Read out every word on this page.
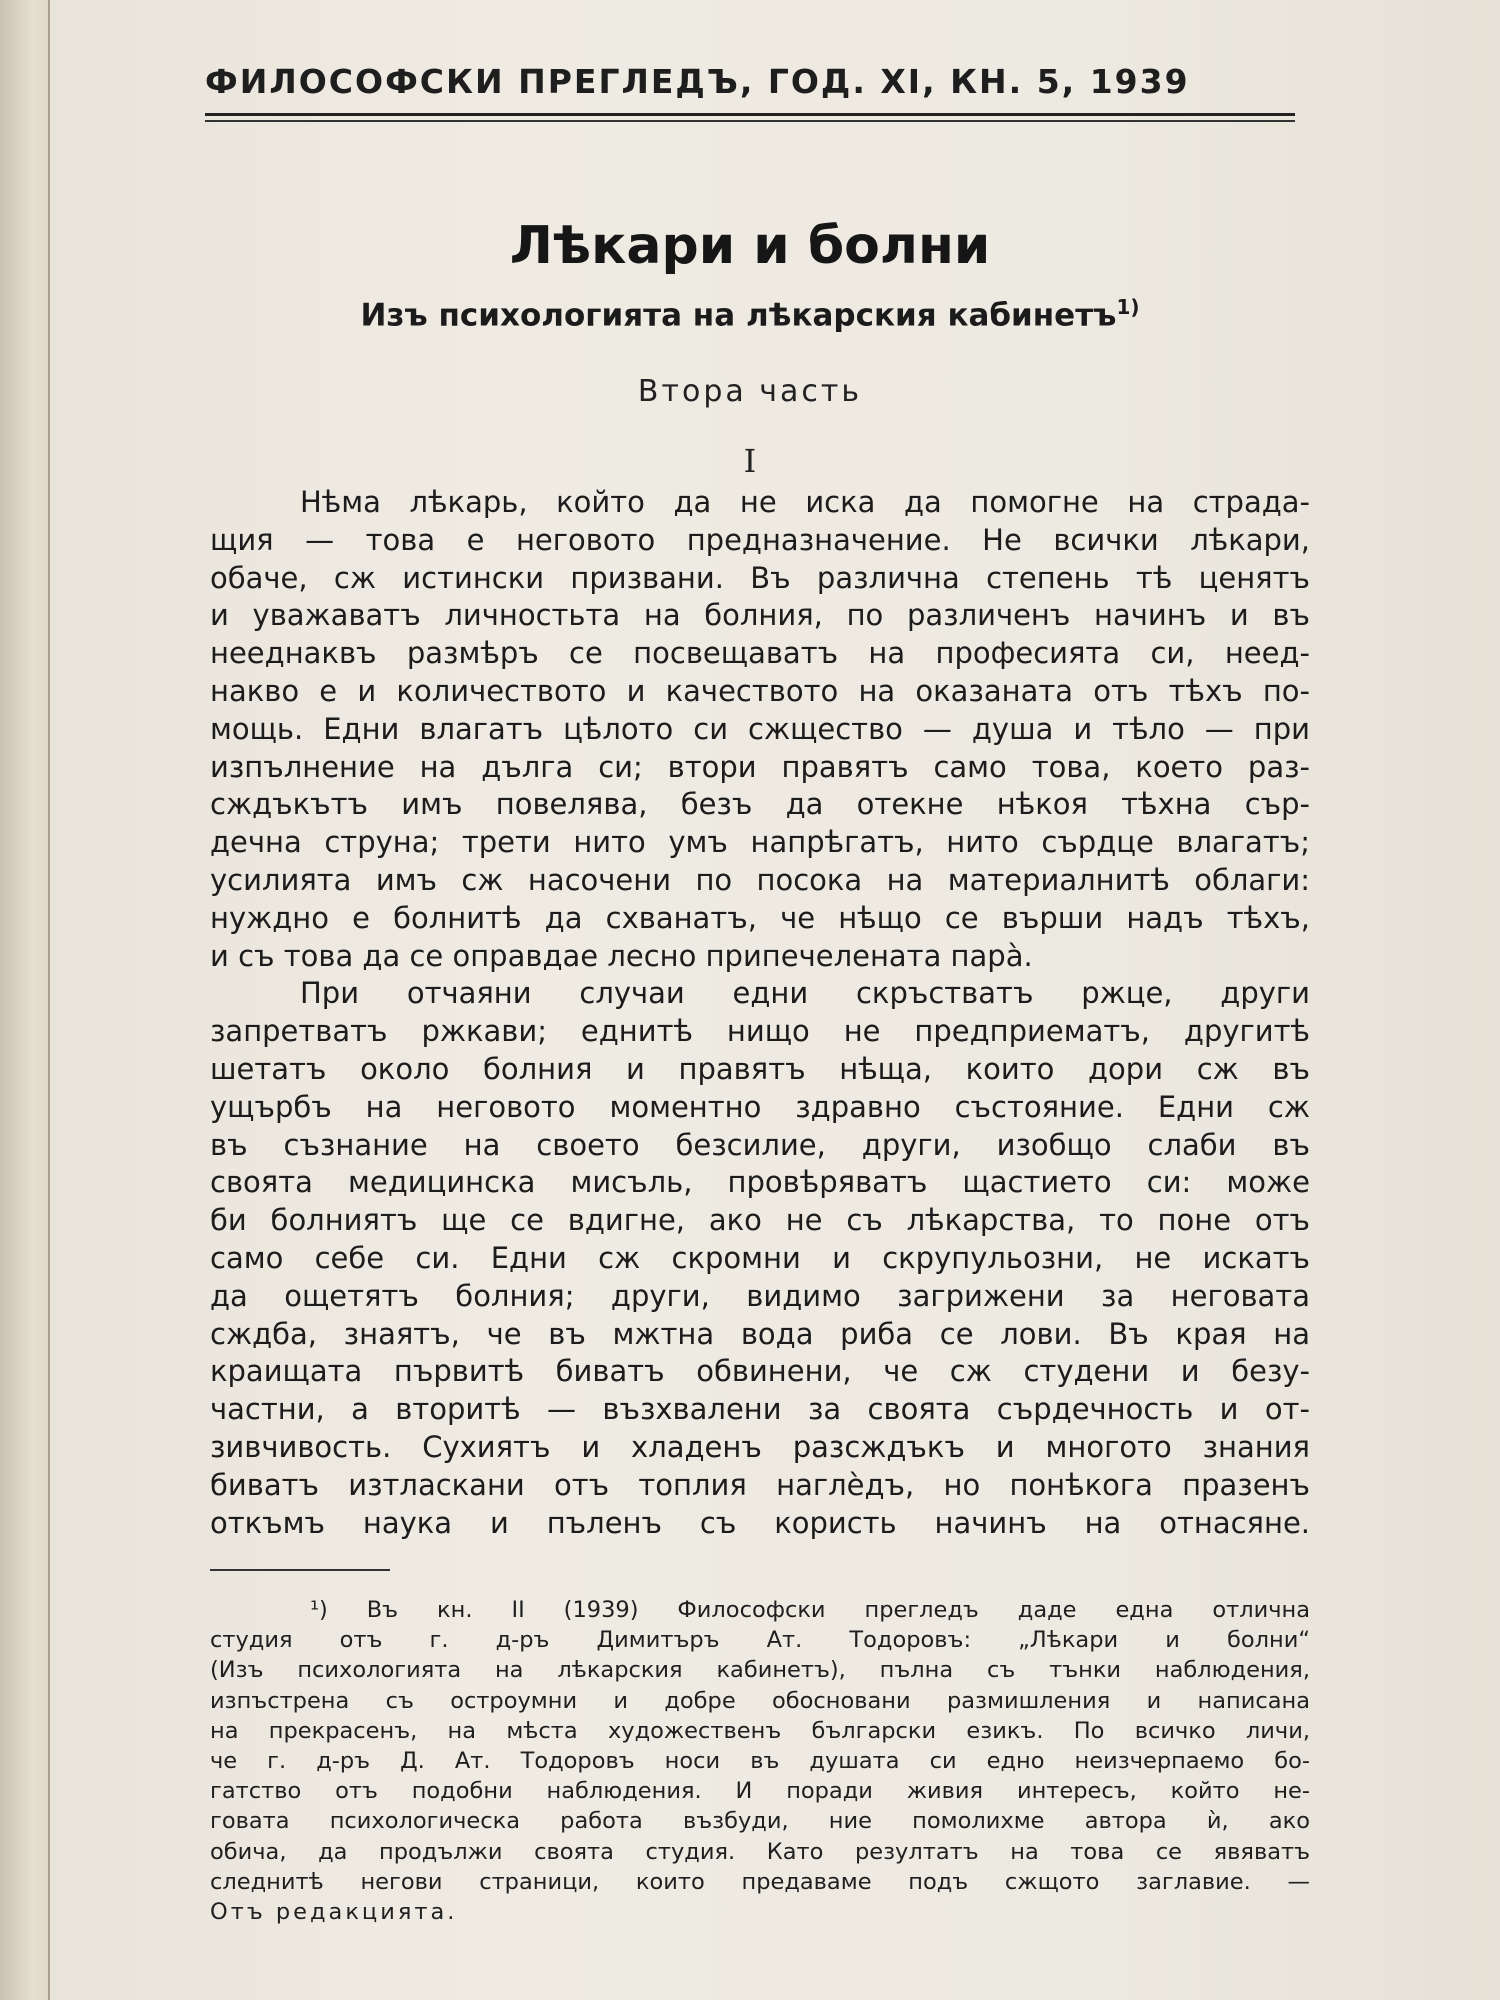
ФИЛОСОФСКИ ПРЕГЛЕДЪ, ГОД. XI, КН. 5, 1939
Лѣкари и болни
Изъ психологията на лѣкарския кабинетъ$^{1)}$
Втора часть
I
Нѣма лѣкарь, който да не иска да помогне на страда-
щия — това е неговото предназначение. Не всички лѣкари,
обаче, сж истински призвани. Въ различна степень тѣ ценятъ
и уважаватъ личностьта на болния, по различенъ начинъ и въ
нееднаквъ размѣръ се посвещаватъ на професията си, неед-
накво е и количеството и качеството на оказаната отъ тѣхъ по-
мощь. Едни влагатъ цѣлото си сжщество — душа и тѣло — при
изпълнение на дълга си; втори правятъ само това, което раз-
сждъкътъ имъ повелява, безъ да отекне нѣкоя тѣхна сър-
дечна струна; трети нито умъ напрѣгатъ, нито сърдце влагатъ;
усилията имъ сж насочени по посока на материалнитѣ облаги:
нуждно е болнитѣ да схванатъ, че нѣщо се върши надъ тѣхъ,
и съ това да се оправдае лесно припечеленaта пара̀.
При отчаяни случаи едни скръстватъ ржце, други
запретватъ ржкави; еднитѣ нищо не предприематъ, другитѣ
шетатъ около болния и правятъ нѣща, които дори сж въ
ущърбъ на неговото моментно здравно състояние. Едни сж
въ съзнание на своето безсилие, други, изобщо слаби въ
своята медицинска мисъль, провѣряватъ щастието си: може
би болниятъ ще се вдигне, ако не съ лѣкарства, то поне отъ
само себе си. Едни сж скромни и скрупульозни, не искатъ
да ощетятъ болния; други, видимо загрижени за неговата
сждба, знаятъ, че въ мжтна вода риба се лови. Въ края на
краищата първитѣ биватъ обвинени, че сж студени и безу-
частни, а вторитѣ — възхвалени за своята сърдечность и от-
зивчивость. Сухиятъ и хладенъ разсждъкъ и многото знания
биватъ изтласкани отъ топлия наглѐдъ, но понѣкога празенъ
откъмъ наука и пъленъ съ користь начинъ на отнасяне.
¹) Въ кн. II (1939) Философски прегледъ даде една отлична
студия отъ г. д-ръ Димитъръ Ат. Тодоровъ: „Лѣкари и болни“
(Изъ психологията на лѣкарския кабинетъ), пълна съ тънки наблюдения,
изпъстрена съ остроумни и добре обосновани размишления и написана
на прекрасенъ, на мѣста художественъ български езикъ. По всичко личи,
че г. д-ръ Д. Ат. Тодоровъ носи въ душата си едно неизчерпаемо бо-
гатство отъ подобни наблюдения. И поради живия интересъ, който не-
говата психологическа работа възбуди, ние помолихме автора ѝ, ако
обича, да продължи своята студия. Като резултатъ на това се явяватъ
следнитѣ негови страници, които предаваме подъ сжщото заглавие. —
Отъ редакцията.
